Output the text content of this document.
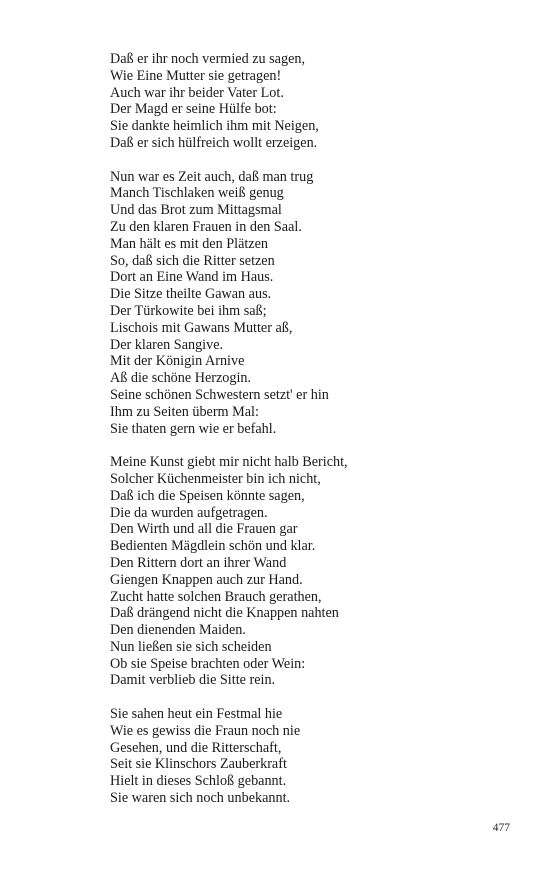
Daß er ihr noch vermied zu sagen,
Wie Eine Mutter sie getragen!
Auch war ihr beider Vater Lot.
Der Magd er seine Hülfe bot:
Sie dankte heimlich ihm mit Neigen,
Daß er sich hülfreich wollt erzeigen.
Nun war es Zeit auch, daß man trug
Manch Tischlaken weiß genug
Und das Brot zum Mittagsmal
Zu den klaren Frauen in den Saal.
Man hält es mit den Plätzen
So, daß sich die Ritter setzen
Dort an Eine Wand im Haus.
Die Sitze theilte Gawan aus.
Der Türkowite bei ihm saß;
Lischois mit Gawans Mutter aß,
Der klaren Sangive.
Mit der Königin Arnive
Aß die schöne Herzogin.
Seine schönen Schwestern setzt' er hin
Ihm zu Seiten überm Mal:
Sie thaten gern wie er befahl.
Meine Kunst giebt mir nicht halb Bericht,
Solcher Küchenmeister bin ich nicht,
Daß ich die Speisen könnte sagen,
Die da wurden aufgetragen.
Den Wirth und all die Frauen gar
Bedienten Mägdlein schön und klar.
Den Rittern dort an ihrer Wand
Giengen Knappen auch zur Hand.
Zucht hatte solchen Brauch gerathen,
Daß drängend nicht die Knappen nahten
Den dienenden Maiden.
Nun ließen sie sich scheiden
Ob sie Speise brachten oder Wein:
Damit verblieb die Sitte rein.
Sie sahen heut ein Festmal hie
Wie es gewiss die Fraun noch nie
Gesehen, und die Ritterschaft,
Seit sie Klinschors Zauberkraft
Hielt in dieses Schloß gebannt.
Sie waren sich noch unbekannt.
477
